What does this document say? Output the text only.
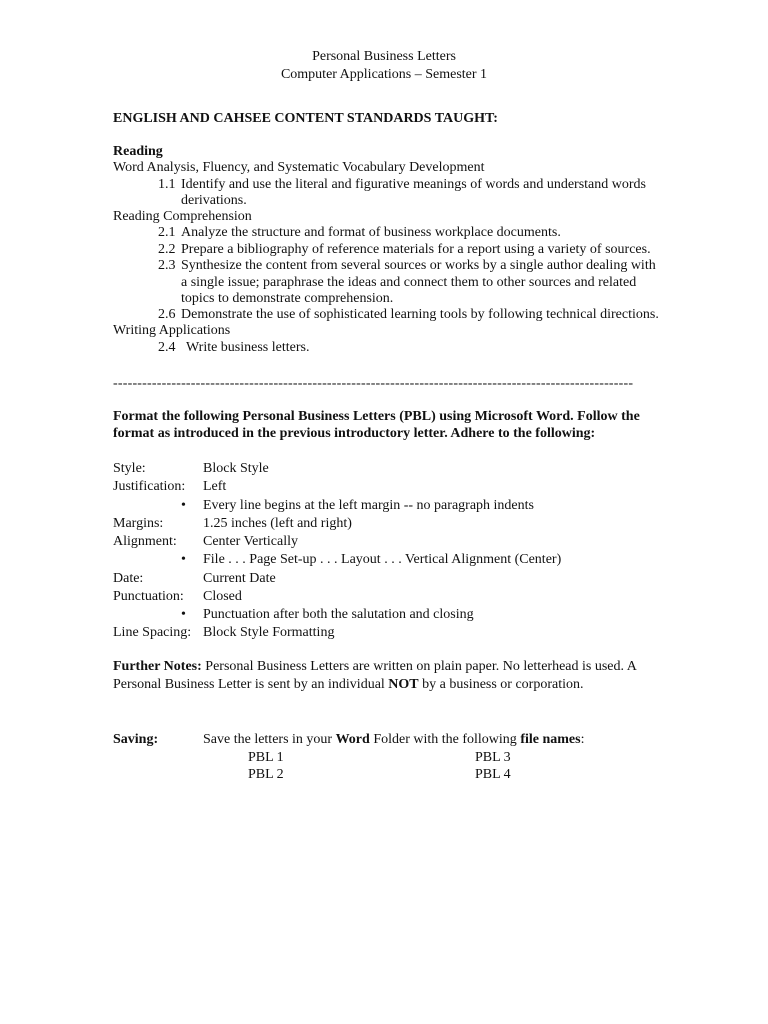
Personal Business Letters
Computer Applications – Semester 1
ENGLISH AND CAHSEE CONTENT STANDARDS TAUGHT:
Reading
Word Analysis, Fluency, and Systematic Vocabulary Development
1.1 Identify and use the literal and figurative meanings of words and understand words
derivations.
Reading Comprehension
2.1 Analyze the structure and format of business workplace documents.
2.2 Prepare a bibliography of reference materials for a report using a variety of sources.
2.3 Synthesize the content from several sources or works by a single author dealing with
a single issue; paraphrase the ideas and connect them to other sources and related
topics to demonstrate comprehension.
2.6 Demonstrate the use of sophisticated learning tools by following technical directions.
Writing Applications
2.4 Write business letters.
-----------------------------------------------------------------------------------------------------------
Format the following Personal Business Letters (PBL) using Microsoft Word. Follow the
format as introduced in the previous introductory letter. Adhere to the following:
Style:	Block Style
Justification: Left
• Every line begins at the left margin -- no paragraph indents
Margins:	1.25 inches (left and right)
Alignment: Center Vertically
• File . . . Page Set-up . . . Layout . . . Vertical Alignment (Center)
Date:	Current Date
Punctuation: Closed
• Punctuation after both the salutation and closing
Line Spacing: Block Style Formatting
Further Notes: Personal Business Letters are written on plain paper. No letterhead is used. A Personal Business Letter is sent by an individual NOT by a business or corporation.
Saving:	Save the letters in your Word Folder with the following file names:
PBL 1	PBL 3
PBL 2	PBL 4
